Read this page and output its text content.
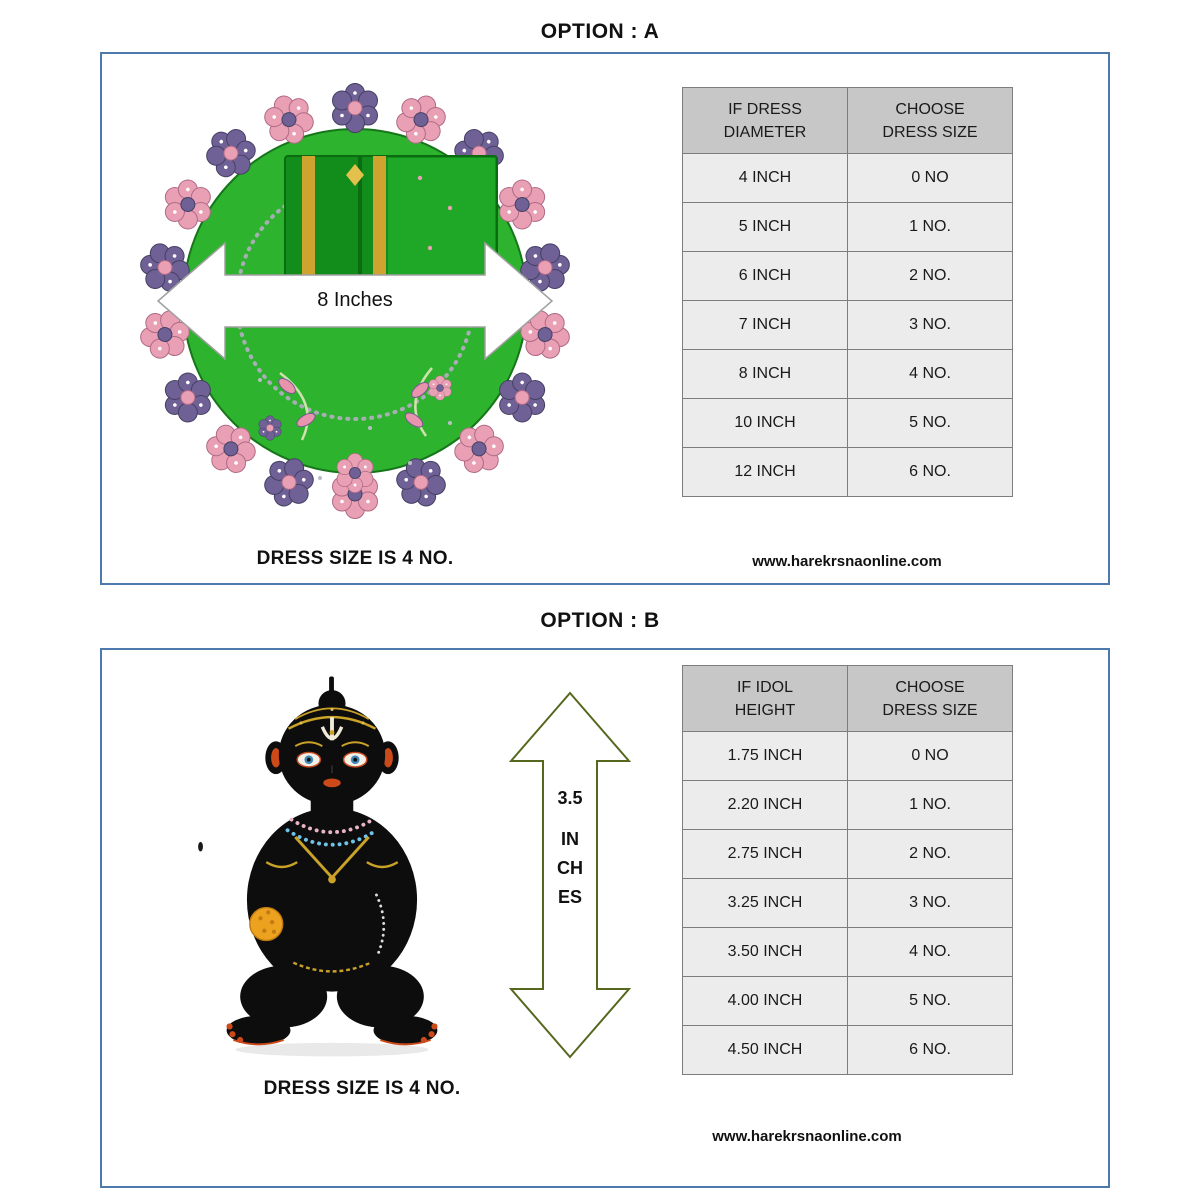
OPTION : A
8 Inches
DRESS SIZE IS 4 NO.
IF DRESS
DIAMETER

CHOOSE
DRESS SIZE

4 INCH	0 NO
5 INCH	1 NO.
6 INCH	2 NO.
7 INCH	3 NO.
8 INCH	4 NO.
10 INCH	5 NO.
12 INCH	6 NO.
www.harekrsnaonline.com
OPTION : B
3.5
IN
CH
ES
DRESS SIZE IS 4 NO.
IF IDOL
HEIGHT

CHOOSE
DRESS SIZE

1.75 INCH	0 NO
2.20 INCH	1 NO.
2.75 INCH	2 NO.
3.25 INCH	3 NO.
3.50 INCH	4 NO.
4.00 INCH	5 NO.
4.50 INCH	6 NO.
www.harekrsnaonline.com
